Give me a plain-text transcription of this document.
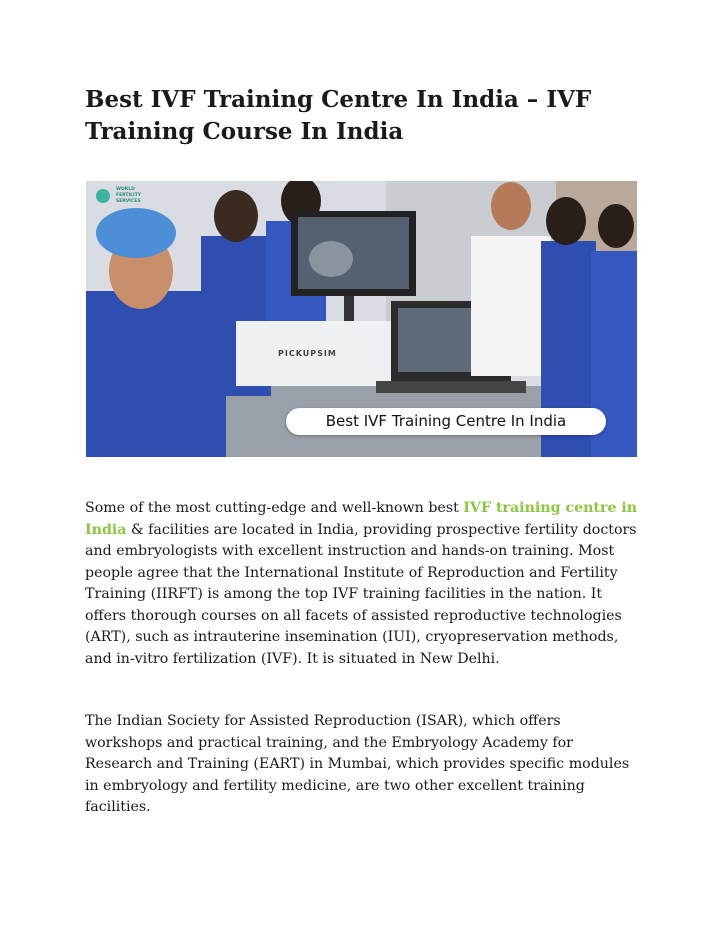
Best IVF Training Centre In India – IVF Training Course In India
WORLD FERTILITY
SERVICES
PICKUPSIM
Best IVF Training Centre In India

Some of the most cutting-edge and well-known best IVF training centre in India & facilities are located in India, providing prospective fertility doctors and embryologists with excellent instruction and hands-on training. Most people agree that the International Institute of Reproduction and Fertility Training (IIRFT) is among the top IVF training facilities in the nation. It offers thorough courses on all facets of assisted reproductive technologies (ART), such as intrauterine insemination (IUI), cryopreservation methods, and in-vitro fertilization (IVF). It is situated in New Delhi.

The Indian Society for Assisted Reproduction (ISAR), which offers workshops and practical training, and the Embryology Academy for Research and Training (EART) in Mumbai, which provides specific modules in embryology and fertility medicine, are two other excellent training facilities.
